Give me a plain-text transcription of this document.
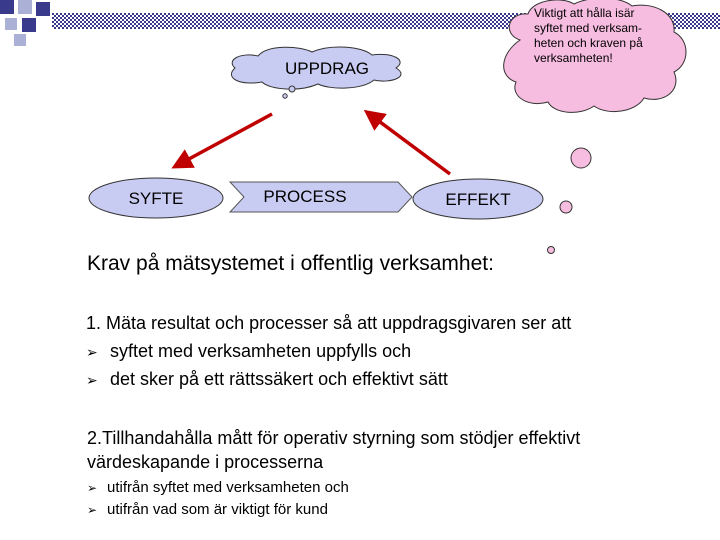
UPPDRAG
SYFTE	PROCESS	EFFEKT
Viktigt att hålla isär
syftet med verksam-
heten och kraven på
verksamheten!
Krav på mätsystemet i offentlig verksamhet:
1. Mäta resultat och processer så att uppdragsgivaren ser att
➢ syftet med verksamheten uppfylls och
➢ det sker på ett rättssäkert och effektivt sätt
2.Tillhandahålla mått för operativ styrning som stödjer effektivt
värdeskapande i processerna
➢ utifrån syftet med verksamheten och
➢ utifrån vad som är viktigt för kund
